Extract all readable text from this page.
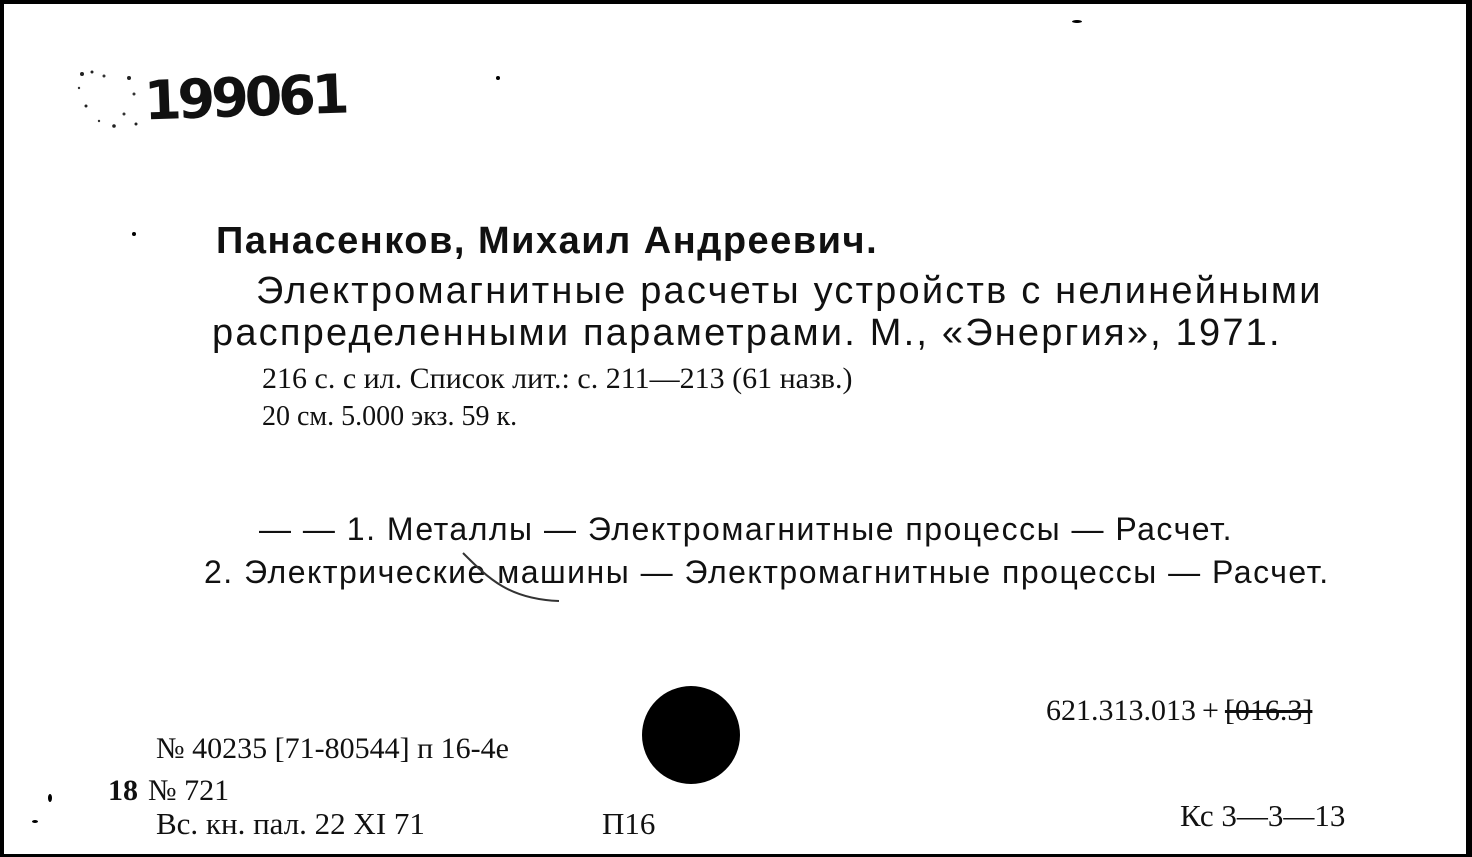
199061
Панасенков, Михаил Андреевич.
Электромагнитные расчеты устройств с нелинейными
распределенными параметрами. М., «Энергия», 1971.
216 с. с ил. Список лит.: с. 211—213 (61 назв.)
20 см. 5.000 экз. 59 к.
— — 1. Металлы — Электромагнитные процессы — Расчет.
2. Электрические машины — Электромагнитные процессы — Расчет.
621.313.013 + [016.3]
№ 40235 [71-80544] п 16-4е
18 № 721
Вс. кн. пал. 22 XI 71	П16	Кс 3—3—13
